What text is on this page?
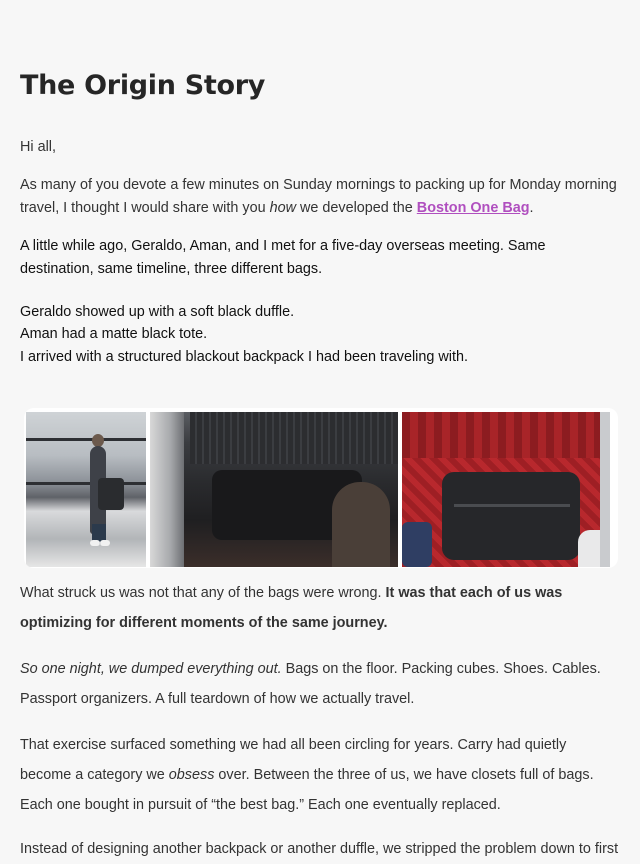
The Origin Story

Hi all,

As many of you devote a few minutes on Sunday mornings to packing up for Monday morning travel, I thought I would share with you how we developed the Boston One Bag.

A little while ago, Geraldo, Aman, and I met for a five-day overseas meeting. Same destination, same timeline, three different bags.

Geraldo showed up with a soft black duffle.

Aman had a matte black tote.

I arrived with a structured blackout backpack I had been traveling with.

What struck us was not that any of the bags were wrong. It was that each of us was optimizing for different moments of the same journey.

So one night, we dumped everything out. Bags on the floor. Packing cubes. Shoes. Cables. Passport organizers. A full teardown of how we actually travel.

That exercise surfaced something we had all been circling for years. Carry had quietly become a category we obsess over. Between the three of us, we have closets full of bags. Each one bought in pursuit of “the best bag.” Each one eventually replaced.

Instead of designing another backpack or another duffle, we stripped the problem down to first
